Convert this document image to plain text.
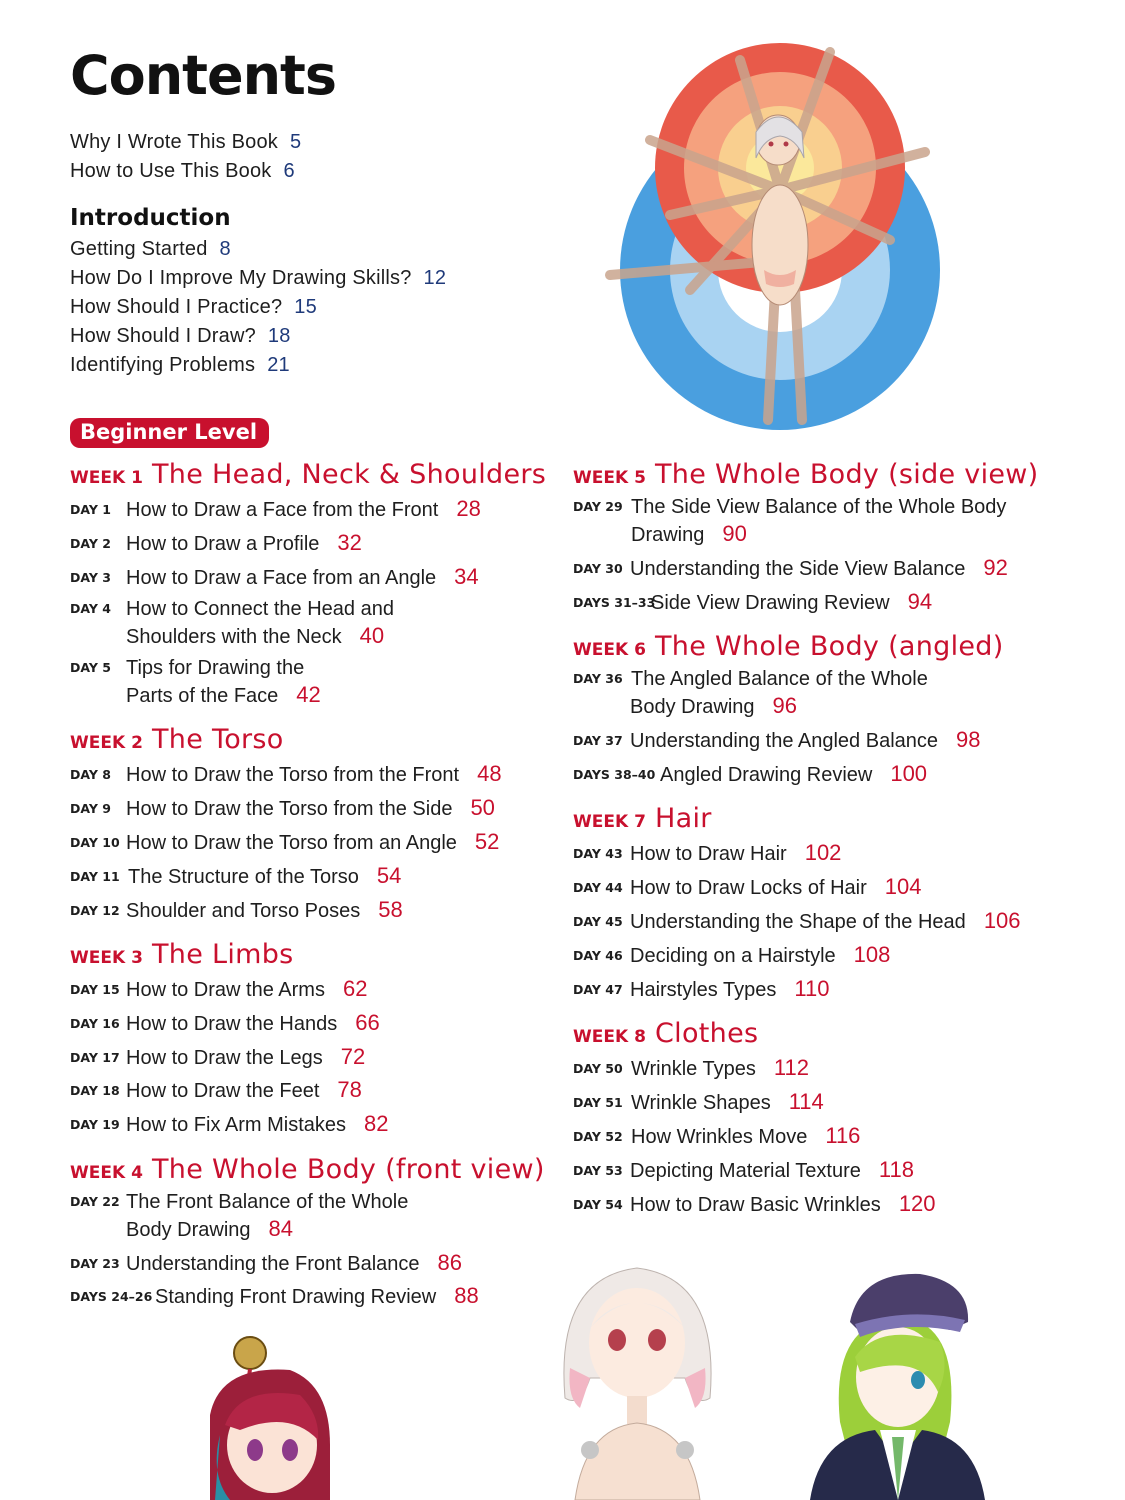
Contents
Why I Wrote This Book 5
How to Use This Book 6
Introduction
Getting Started 8
How Do I Improve My Drawing Skills? 12
How Should I Practice? 15
How Should I Draw? 18
Identifying Problems 21
Beginner Level
WEEK 1 The Head, Neck & Shoulders
DAY 1 How to Draw a Face from the Front 28
DAY 2 How to Draw a Profile 32
DAY 3 How to Draw a Face from an Angle 34
DAY 4 How to Connect the Head and
Shoulders with the Neck 40
DAY 5 Tips for Drawing the
Parts of the Face 42
WEEK 2 The Torso
DAY 8 How to Draw the Torso from the Front 48
DAY 9 How to Draw the Torso from the Side 50
DAY 10 How to Draw the Torso from an Angle 52
DAY 11 The Structure of the Torso 54
DAY 12 Shoulder and Torso Poses 58
WEEK 3 The Limbs
DAY 15 How to Draw the Arms 62
DAY 16 How to Draw the Hands 66
DAY 17 How to Draw the Legs 72
DAY 18 How to Draw the Feet 78
DAY 19 How to Fix Arm Mistakes 82
WEEK 4 The Whole Body (front view)
DAY 22 The Front Balance of the Whole
Body Drawing 84
DAY 23 Understanding the Front Balance 86
DAYS 24–26 Standing Front Drawing Review 88
WEEK 5 The Whole Body (side view)
DAY 29 The Side View Balance of the Whole Body
Drawing 90
DAY 30 Understanding the Side View Balance 92
DAYS 31–33Side View Drawing Review 94
WEEK 6 The Whole Body (angled)
DAY 36 The Angled Balance of the Whole
Body Drawing 96
DAY 37 Understanding the Angled Balance 98
DAYS 38–40 Angled Drawing Review 100
WEEK 7 Hair
DAY 43 How to Draw Hair 102
DAY 44 How to Draw Locks of Hair 104
DAY 45 Understanding the Shape of the Head 106
DAY 46 Deciding on a Hairstyle 108
DAY 47 Hairstyles Types 110
WEEK 8 Clothes
DAY 50 Wrinkle Types 112
DAY 51 Wrinkle Shapes 114
DAY 52 How Wrinkles Move 116
DAY 53 Depicting Material Texture 118
DAY 54 How to Draw Basic Wrinkles 120
